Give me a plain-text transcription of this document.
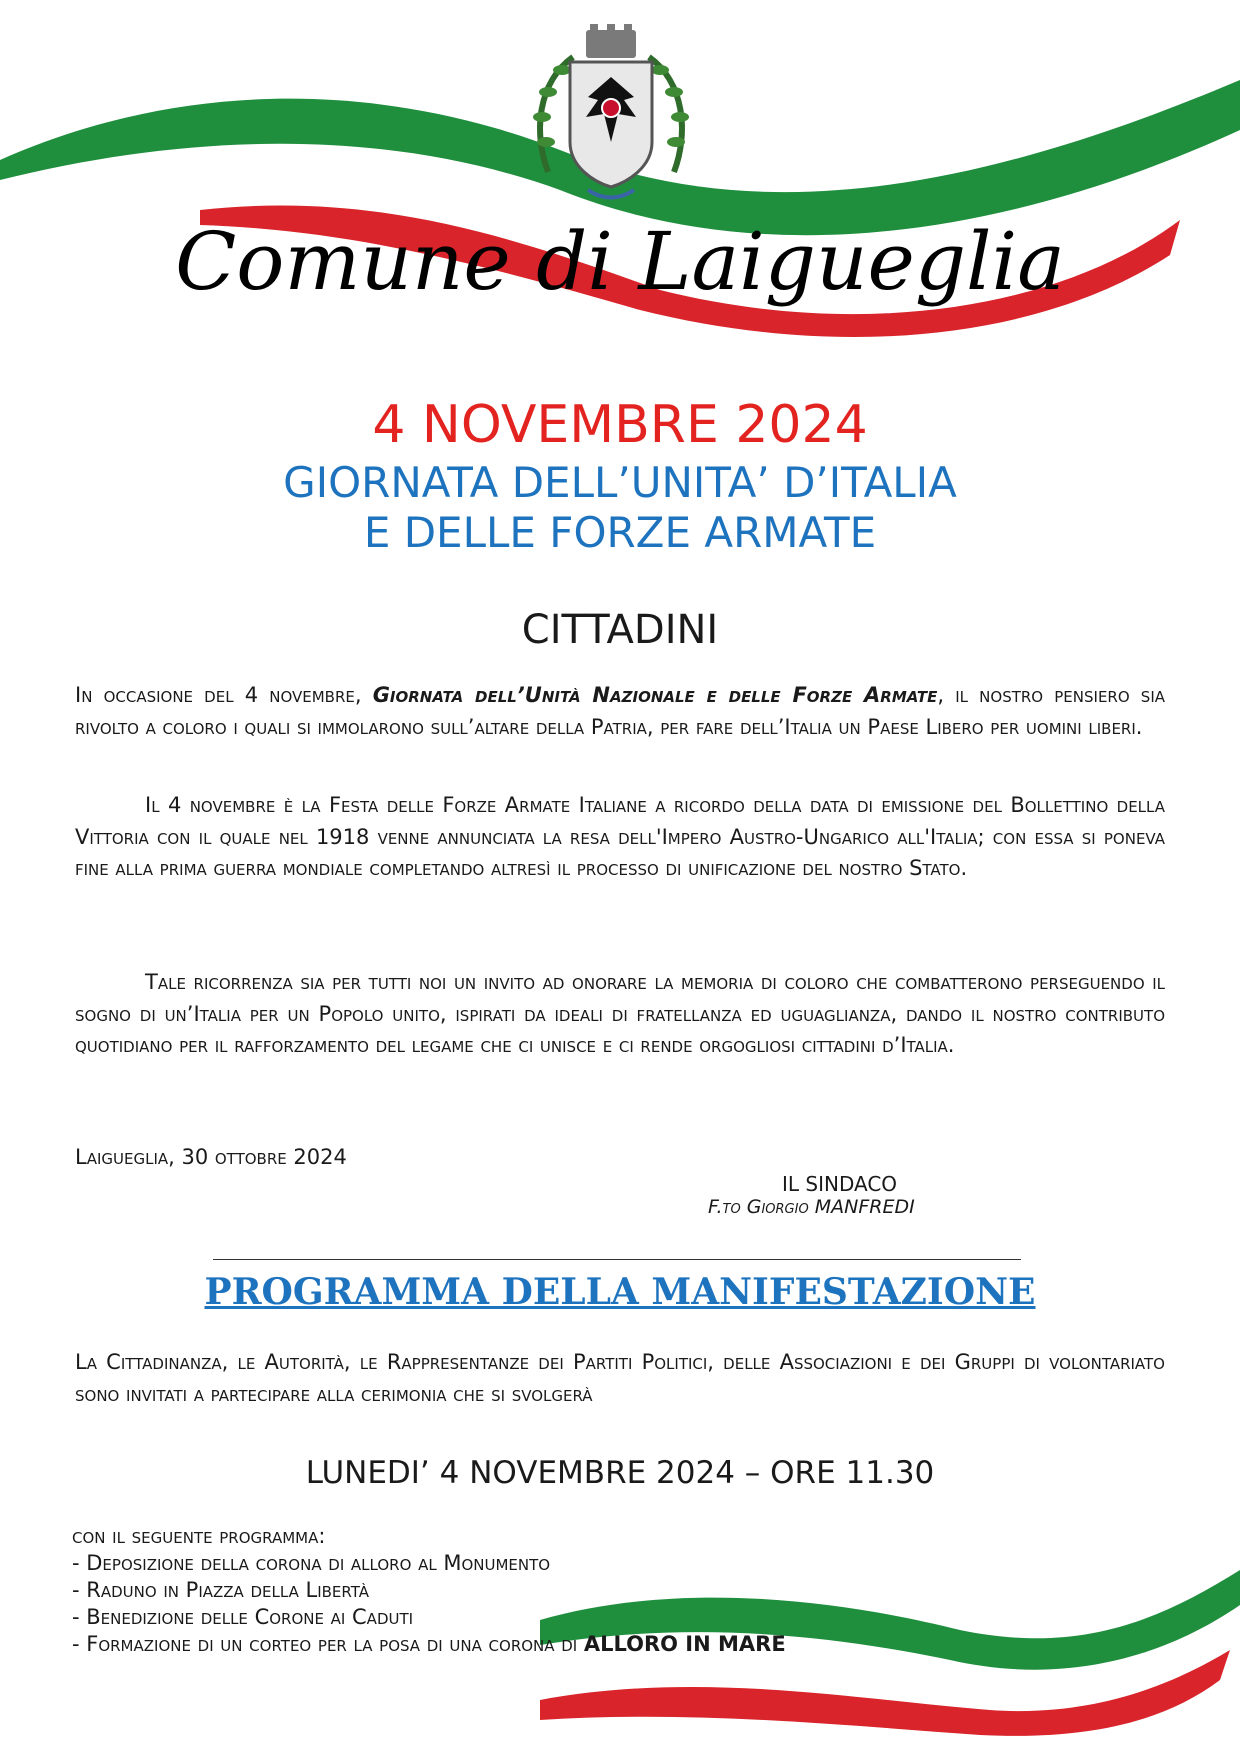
Comune di Laigueglia
4 NOVEMBRE 2024
GIORNATA DELL’UNITA’ D’ITALIA
E DELLE FORZE ARMATE
CITTADINI
In occasione del 4 novembre, Giornata dell’Unità Nazionale e delle Forze Armate, il nostro pensiero sia rivolto a coloro i quali si immolarono sull’altare della Patria, per fare dell’Italia un Paese Libero per uomini liberi.
Il 4 novembre è la Festa delle Forze Armate Italiane a ricordo della data di emissione del Bollettino della Vittoria con il quale nel 1918 venne annunciata la resa dell'Impero Austro-Ungarico all'Italia; con essa si poneva fine alla prima guerra mondiale completando altresì il processo di unificazione del nostro Stato.
Tale ricorrenza sia per tutti noi un invito ad onorare la memoria di coloro che combatterono perseguendo il sogno di un’Italia per un Popolo unito, ispirati da ideali di fratellanza ed uguaglianza, dando il nostro contributo quotidiano per il rafforzamento del legame che ci unisce e ci rende orgogliosi cittadini d’Italia.
Laigueglia, 30 ottobre 2024
IL SINDACO
F.to Giorgio MANFREDI
PROGRAMMA DELLA MANIFESTAZIONE
La Cittadinanza, le Autorità, le Rappresentanze dei Partiti Politici, delle Associazioni e dei Gruppi di volontariato sono invitati a partecipare alla cerimonia che si svolgerà
LUNEDI’ 4 NOVEMBRE 2024 – ORE 11.30
con il seguente programma:
- Deposizione della corona di alloro al Monumento
- Raduno in Piazza della Libertà
- Benedizione delle Corone ai Caduti
- Formazione di un corteo per la posa di una corona di ALLORO IN MARE
